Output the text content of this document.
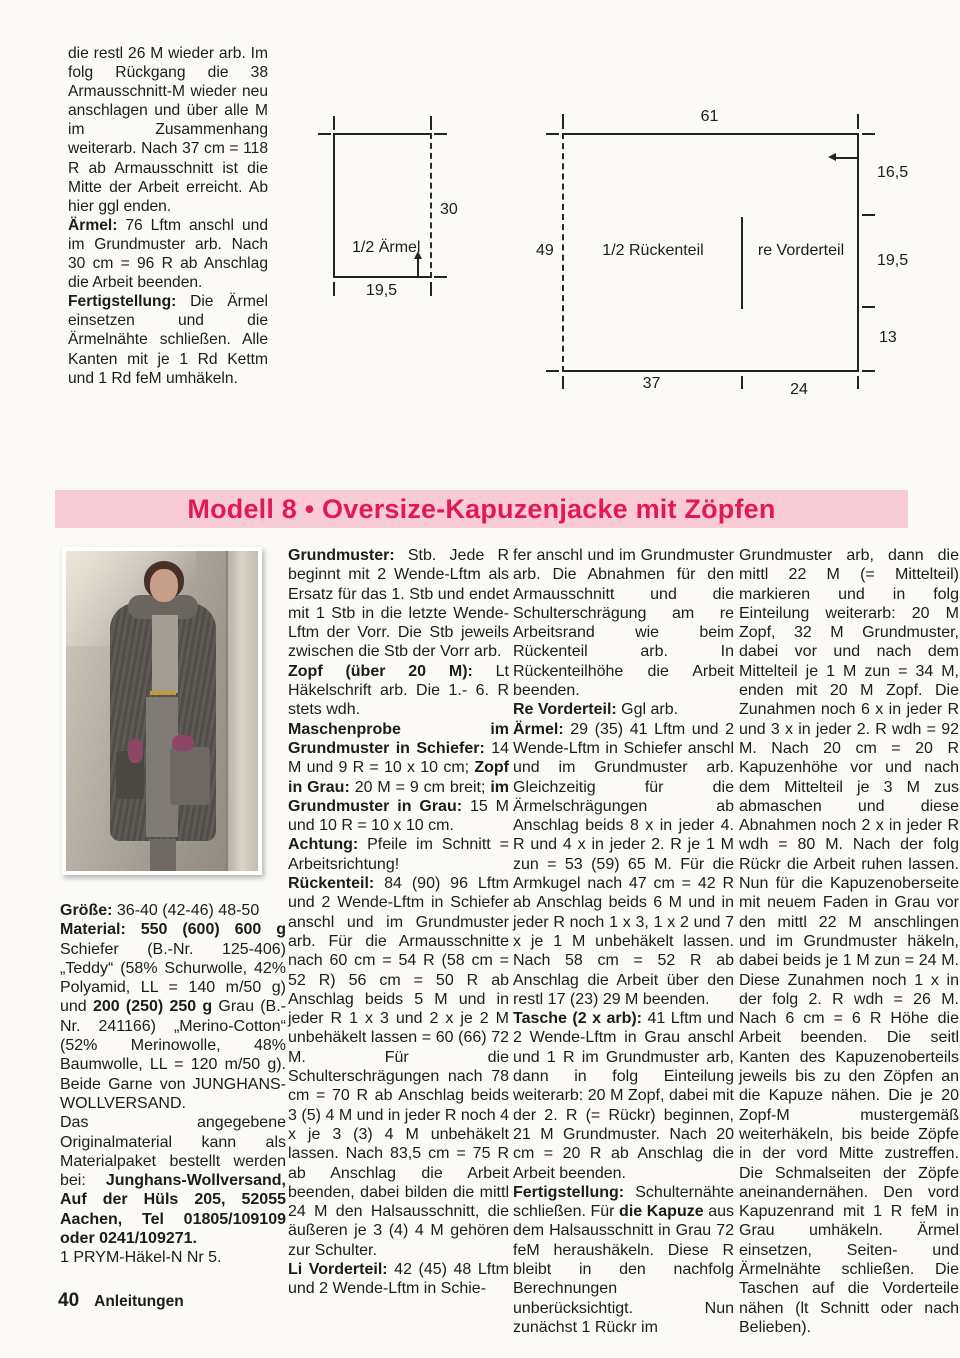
die restl 26 M wieder arb. Im folg Rückgang die 38 Armausschnitt-M wieder neu anschlagen und über alle M im Zusammenhang weiterarb. Nach 37 cm = 118 R ab Armausschnitt ist die Mitte der Arbeit erreicht. Ab hier ggl enden.

Ärmel: 76 Lftm anschl und im Grundmuster arb. Nach 30 cm = 96 R ab Anschlag die Arbeit beenden.

Fertigstellung: Die Ärmel einsetzen und die Ärmelnähte schließen. Alle Kanten mit je 1 Rd Kettm und 1 Rd feM umhäkeln.

30
19,5
1/2 Ärmel
61
49
16,5
19,5
13
37	24
1/2 Rückenteil	re Vorderteil
Modell 8 • Oversize-Kapuzenjacke mit Zöpfen

Größe: 36-40 (42-46) 48-50

Material: 550 (600) 600 g Schiefer (B.-Nr. 125-406) „Teddy“ (58% Schurwolle, 42% Polyamid, LL = 140 m/50 g) und 200 (250) 250 g Grau (B.-Nr. 241166) „Merino-Cotton“ (52% Merinowolle, 48% Baumwolle, LL = 120 m/50 g). Beide Garne von JUNGHANS-WOLLVERSAND.

Das angegebene Originalmaterial kann als Materialpaket bestellt werden bei: Junghans-Wollversand, Auf der Hüls 205, 52055 Aachen, Tel 01805/109109 oder 0241/109271.

1 PRYM-Häkel-N Nr 5.

Grundmuster: Stb. Jede R beginnt mit 2 Wende-Lftm als Ersatz für das 1. Stb und endet mit 1 Stb in die letzte Wende-Lftm der Vorr. Die Stb jeweils zwischen die Stb der Vorr arb.

Zopf (über 20 M): Lt Häkelschrift arb. Die 1.- 6. R stets wdh.

Maschenprobe im Grundmuster in Schiefer: 14 M und 9 R = 10 x 10 cm; Zopf in Grau: 20 M = 9 cm breit; im Grundmuster in Grau: 15 M und 10 R = 10 x 10 cm.

Achtung: Pfeile im Schnitt = Arbeitsrichtung!

Rückenteil: 84 (90) 96 Lftm und 2 Wende-Lftm in Schiefer anschl und im Grundmuster arb. Für die Armausschnitte nach 60 cm = 54 R (58 cm = 52 R) 56 cm = 50 R ab Anschlag beids 5 M und in jeder R 1 x 3 und 2 x je 2 M unbehäkelt lassen = 60 (66) 72 M. Für die Schulterschrägungen nach 78 cm = 70 R ab Anschlag beids 3 (5) 4 M und in jeder R noch 4 x je 3 (3) 4 M unbehäkelt lassen. Nach 83,5 cm = 75 R ab Anschlag die Arbeit beenden, dabei bilden die mittl 24 M den Halsausschnitt, die äußeren je 3 (4) 4 M gehören zur Schulter.

Li Vorderteil: 42 (45) 48 Lftm und 2 Wende-Lftm in Schie-

fer anschl und im Grundmuster arb. Die Abnahmen für den Armausschnitt und die Schulterschrägung am re Arbeitsrand wie beim Rückenteil arb. In Rückenteilhöhe die Arbeit beenden.

Re Vorderteil: Ggl arb.

Ärmel: 29 (35) 41 Lftm und 2 Wende-Lftm in Schiefer anschl und im Grundmuster arb. Gleichzeitig für die Ärmelschrägungen ab Anschlag beids 8 x in jeder 4. R und 4 x in jeder 2. R je 1 M zun = 53 (59) 65 M. Für die Armkugel nach 47 cm = 42 R ab Anschlag beids 6 M und in jeder R noch 1 x 3, 1 x 2 und 7 x je 1 M unbehäkelt lassen. Nach 58 cm = 52 R ab Anschlag die Arbeit über den restl 17 (23) 29 M beenden.

Tasche (2 x arb): 41 Lftm und 2 Wende-Lftm in Grau anschl und 1 R im Grundmuster arb, dann in folg Einteilung weiterarb: 20 M Zopf, dabei mit der 2. R (= Rückr) beginnen, 21 M Grundmuster. Nach 20 cm = 20 R ab Anschlag die Arbeit beenden.

Fertigstellung: Schulternähte schließen. Für die Kapuze aus dem Halsausschnitt in Grau 72 feM heraushäkeln. Diese R bleibt in den nachfolg Berechnungen unberücksichtigt. Nun zunächst 1 Rückr im

Grundmuster arb, dann die mittl 22 M (= Mittelteil) markieren und in folg Einteilung weiterarb: 20 M Zopf, 32 M Grundmuster, dabei vor und nach dem Mittelteil je 1 M zun = 34 M, enden mit 20 M Zopf. Die Zunahmen noch 6 x in jeder R und 3 x in jeder 2. R wdh = 92 M. Nach 20 cm = 20 R Kapuzenhöhe vor und nach dem Mittelteil je 3 M zus abmaschen und diese Abnahmen noch 2 x in jeder R wdh = 80 M. Nach der folg Rückr die Arbeit ruhen lassen. Nun für die Kapuzenoberseite mit neuem Faden in Grau vor den mittl 22 M anschlingen und im Grundmuster häkeln, dabei beids je 1 M zun = 24 M. Diese Zunahmen noch 1 x in der folg 2. R wdh = 26 M. Nach 6 cm = 6 R Höhe die Arbeit beenden. Die seitl Kanten des Kapuzenoberteils jeweils bis zu den Zöpfen an die Kapuze nähen. Die je 20 Zopf-M mustergemäß weiterhäkeln, bis beide Zöpfe in der vord Mitte zustreffen. Die Schmalseiten der Zöpfe aneinandernähen. Den vord Kapuzenrand mit 1 R feM in Grau umhäkeln. Ärmel einsetzen, Seiten- und Ärmelnähte schließen. Die Taschen auf die Vorderteile nähen (lt Schnitt oder nach Belieben).

40 Anleitungen
